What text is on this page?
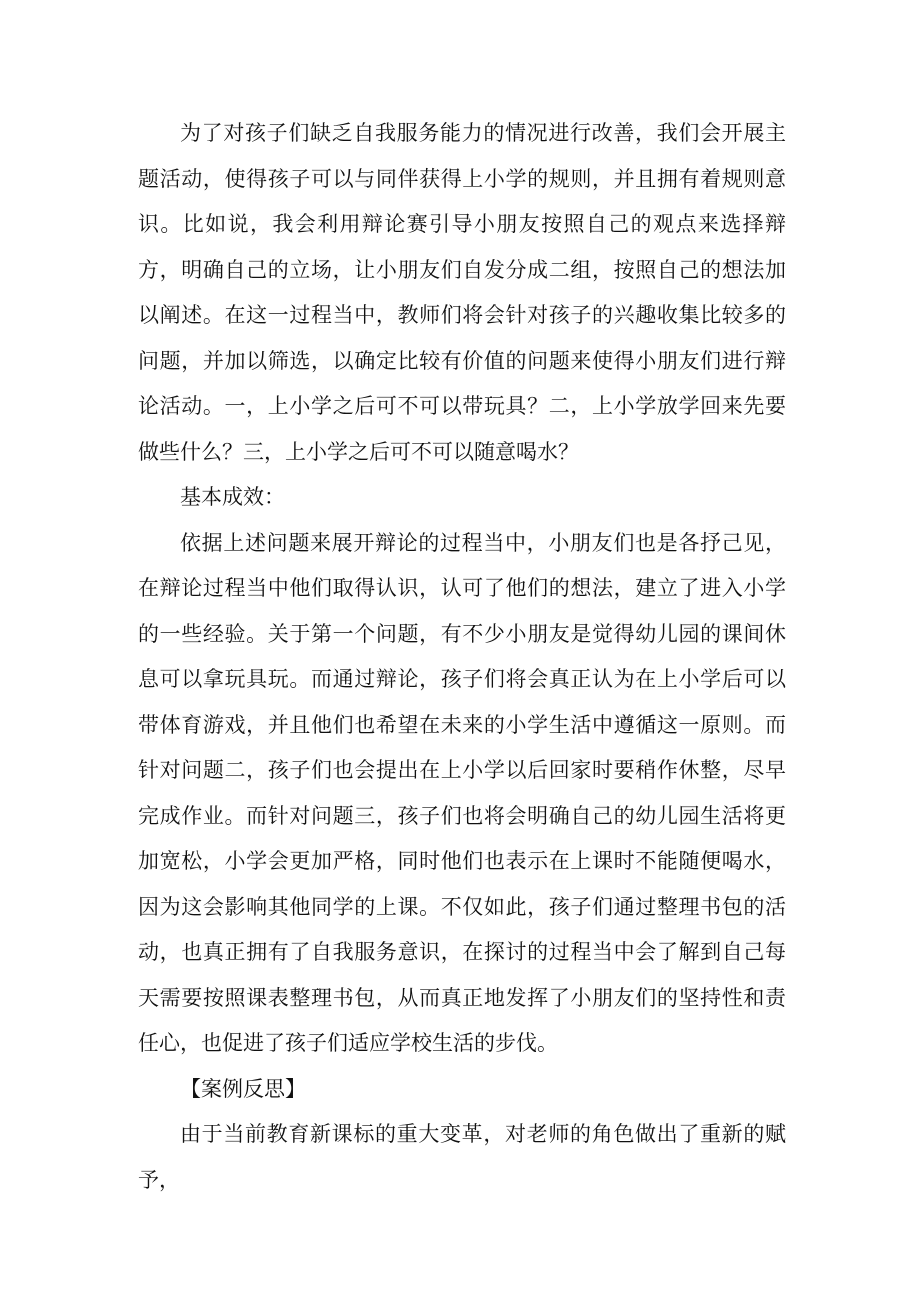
为了对孩子们缺乏自我服务能力的情况进行改善，我们会开展主题活动，使得孩子可以与同伴获得上小学的规则，并且拥有着规则意识。比如说，我会利用辩论赛引导小朋友按照自己的观点来选择辩方，明确自己的立场，让小朋友们自发分成二组，按照自己的想法加以阐述。在这一过程当中，教师们将会针对孩子的兴趣收集比较多的问题，并加以筛选，以确定比较有价值的问题来使得小朋友们进行辩论活动。一，上小学之后可不可以带玩具？二，上小学放学回来先要做些什么？三，上小学之后可不可以随意喝水？

基本成效：

依据上述问题来展开辩论的过程当中，小朋友们也是各抒己见，在辩论过程当中他们取得认识，认可了他们的想法，建立了进入小学的一些经验。关于第一个问题，有不少小朋友是觉得幼儿园的课间休息可以拿玩具玩。而通过辩论，孩子们将会真正认为在上小学后可以带体育游戏，并且他们也希望在未来的小学生活中遵循这一原则。而针对问题二，孩子们也会提出在上小学以后回家时要稍作休整，尽早完成作业。而针对问题三，孩子们也将会明确自己的幼儿园生活将更加宽松，小学会更加严格，同时他们也表示在上课时不能随便喝水，因为这会影响其他同学的上课。不仅如此，孩子们通过整理书包的活动，也真正拥有了自我服务意识，在探讨的过程当中会了解到自己每天需要按照课表整理书包，从而真正地发挥了小朋友们的坚持性和责任心，也促进了孩子们适应学校生活的步伐。

【案例反思】

由于当前教育新课标的重大变革，对老师的角色做出了重新的赋予，
